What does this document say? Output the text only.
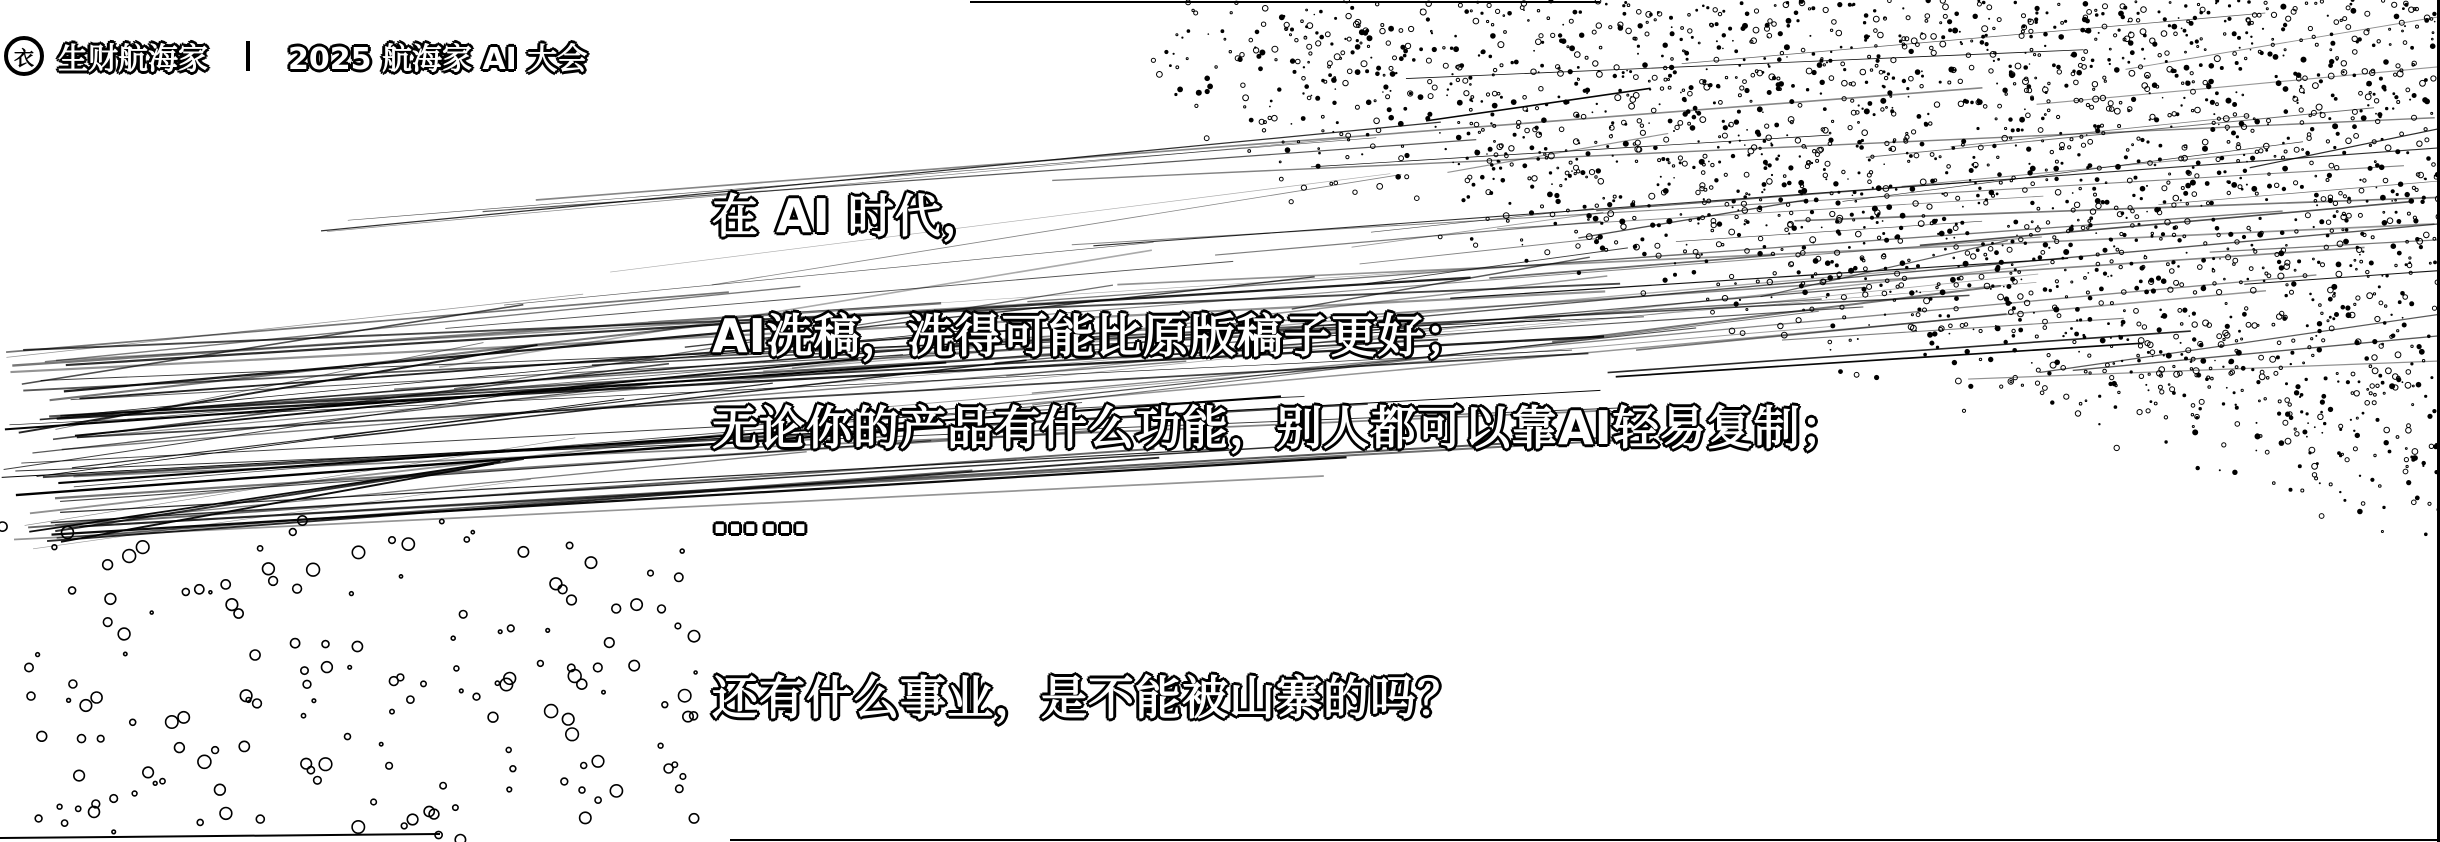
衣 生财航海家	2025 航海家 AI 大会
在 AI 时代，
AI洗稿，洗得可能比原版稿子更好；
无论你的产品有什么功能，别人都可以靠AI轻易复制；
……
还有什么事业，是不能被山寨的吗？
